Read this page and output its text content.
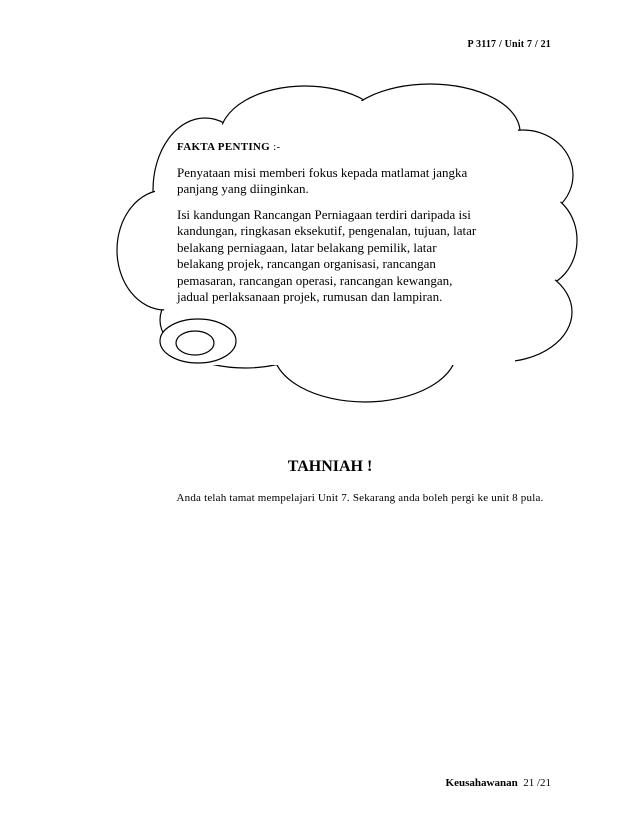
P 3117 / Unit 7 / 21
FAKTA PENTING :-

Penyataan misi memberi fokus kepada matlamat jangka panjang yang diinginkan.

Isi kandungan Rancangan Perniagaan terdiri daripada isi kandungan, ringkasan eksekutif, pengenalan, tujuan, latar belakang perniagaan, latar belakang pemilik, latar belakang projek, rancangan organisasi, rancangan pemasaran, rancangan operasi, rancangan kewangan, jadual perlaksanaan projek, rumusan dan lampiran.

TAHNIAH !
Anda telah tamat mempelajari Unit 7. Sekarang anda boleh pergi ke unit 8 pula.
Keusahawanan 21 /21
